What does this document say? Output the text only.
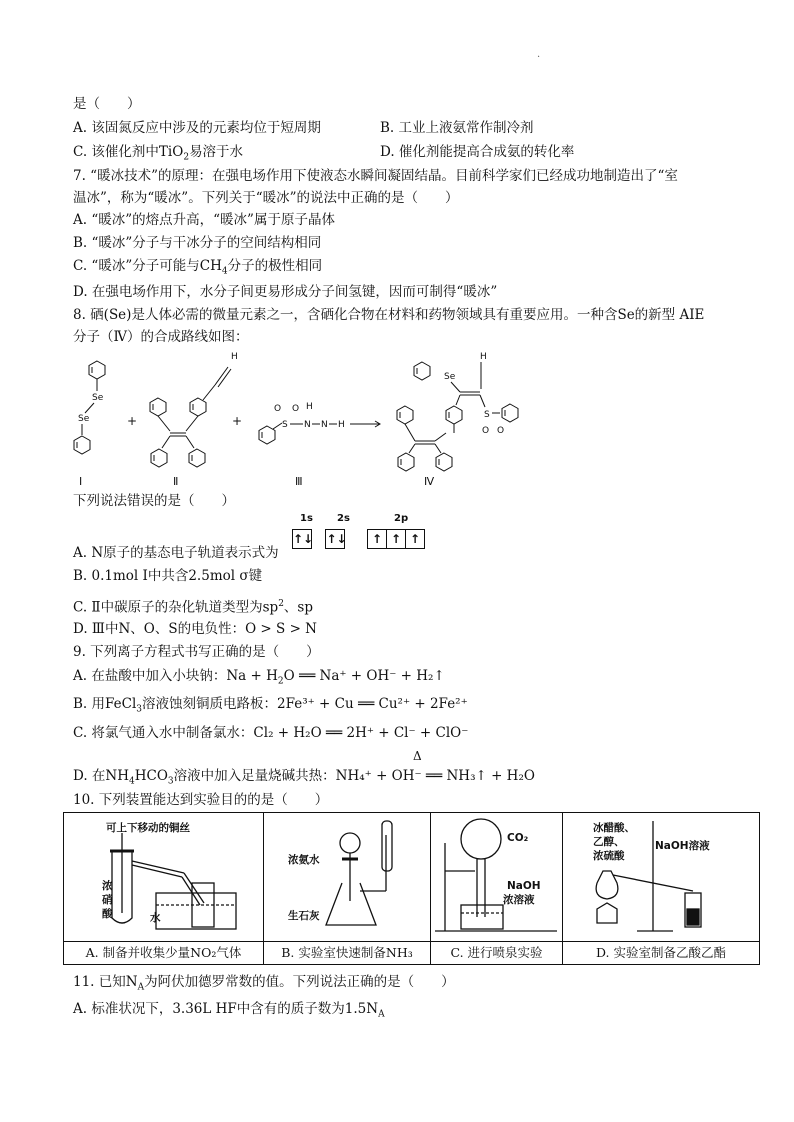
·
是（　　）
A. 该固氮反应中涉及的元素均位于短周期	B. 工业上液氨常作制冷剂
C. 该催化剂中TiO$_2$易溶于水	D. 催化剂能提高合成氨的转化率
7. “暖冰技术”的原理：在强电场作用下使液态水瞬间凝固结晶。目前科学家们已经成功地制造出了“室
温冰”，称为“暖冰”。下列关于“暖冰”的说法中正确的是（　　）
A. “暖冰”的熔点升高，“暖冰”属于原子晶体
B. “暖冰”分子与干冰分子的空间结构相同
C. “暖冰”分子可能与$CH_4$分子的极性相同
D. 在强电场作用下，水分子间更易形成分子间氢键，因而可制得“暖冰”
8. 硒(Se)是人体必需的微量元素之一，含硒化合物在材料和药物领域具有重要应用。一种含Se的新型 AIE
分子（Ⅳ）的合成路线如图：
Se
Se	+
H
+	S
O O
N
H
N H
Se
H
S
O O
Ⅰ	Ⅱ	Ⅲ	Ⅳ
下列说法错误的是（　　）
1s 2s	2p
↑↓ ↑↓ ↑ ↑ ↑
A. N原子的基态电子轨道表示式为
B. 0.1mol Ⅰ中共含2.5mol σ键
C. Ⅱ中碳原子的杂化轨道类型为$sp^2$、sp
D. Ⅲ中N、O、S的电负性：O > S > N
9. 下列离子方程式书写正确的是（　　）
A. 在盐酸中加入小块钠：$Na + H_2O$ ══ Na⁺ + OH⁻ + H₂↑
B. 用FeCl$_3$溶液蚀刻铜质电路板：2Fe³⁺ + Cu ══ Cu²⁺ + 2Fe²⁺
C. 将氯气通入水中制备氯水：Cl₂ + H₂O ══ 2H⁺ + Cl⁻ + ClO⁻
Δ
D. 在$NH_4HCO_3$溶液中加入足量烧碱共热：NH₄⁺ + OH⁻ ══ NH₃↑ + H₂O
10. 下列装置能达到实验目的的是（　　）
可上下移动的铜丝
浓
硝
酸 水	浓氨水
生石灰	CO₂
NaOH
浓溶液	冰醋酸、
乙醇、
浓硫酸
NaOH溶液

A. 制备并收集少量NO₂气体	B. 实验室快速制备NH₃	C. 进行喷泉实验	D. 实验室制备乙酸乙酯
11. 已知$N_A$为阿伏加德罗常数的值。下列说法正确的是（　　）
A. 标准状况下，3.36L HF中含有的质子数为$1.5N_A$
